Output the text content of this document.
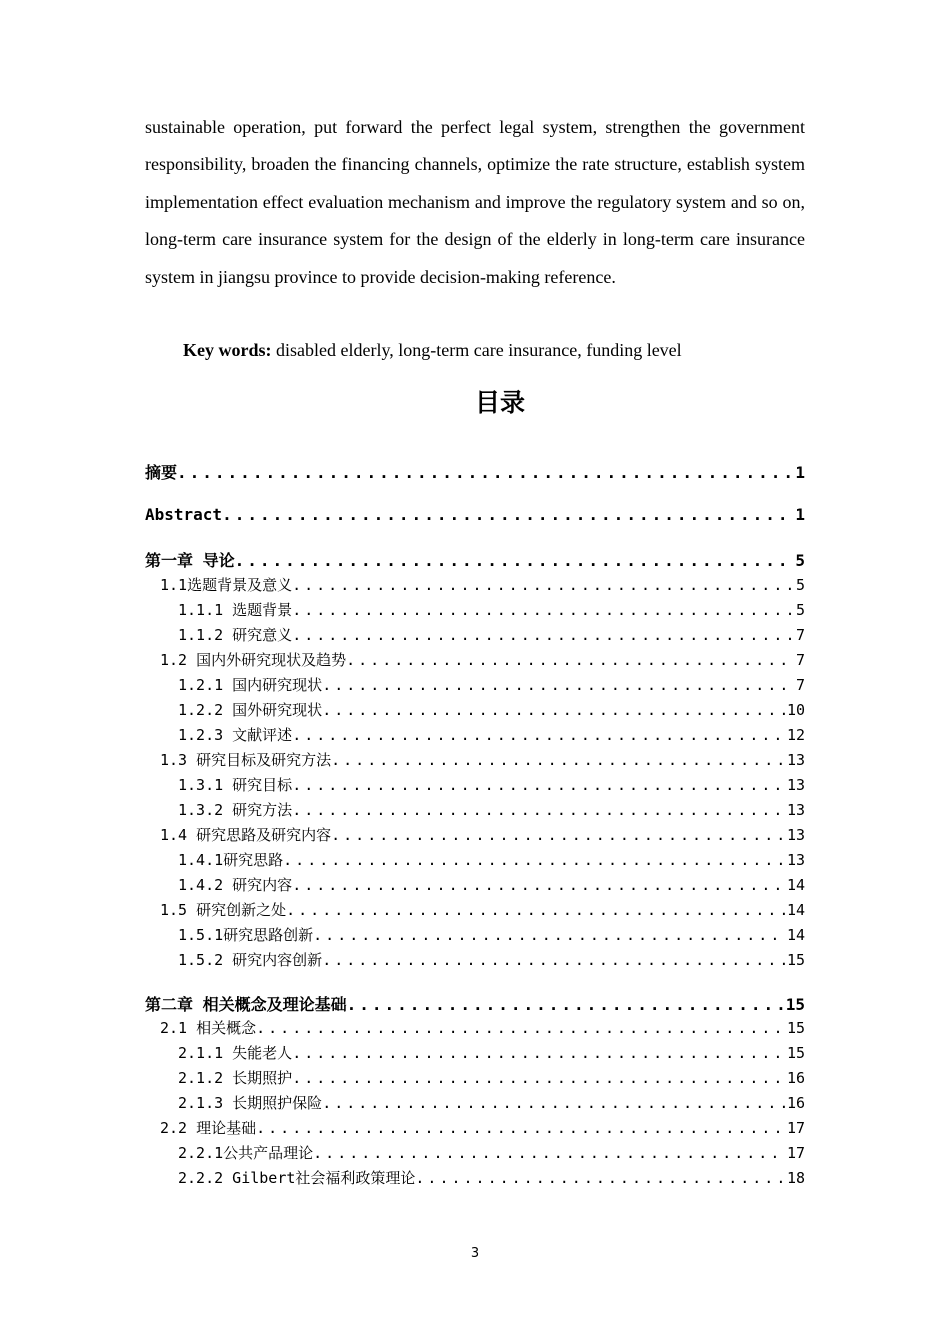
sustainable operation, put forward the perfect legal system, strengthen the government responsibility, broaden the financing channels, optimize the rate structure, establish system implementation effect evaluation mechanism and improve the regulatory system and so on, long-term care insurance system for the design of the elderly in long-term care insurance system in jiangsu province to provide decision-making reference.

Key words: disabled elderly, long-term care insurance, funding level
目录
摘要 .....	1
Abstract .....	1
第一章 导论 .....	5
1.1选题背景及意义 .....	5
1.1.1 选题背景 .....	5
1.1.2 研究意义 .....	7
1.2 国内外研究现状及趋势 .....	7
1.2.1 国内研究现状 .....	7
1.2.2 国外研究现状 .....	10
1.2.3 文献评述 .....	12
1.3 研究目标及研究方法 .....	13
1.3.1 研究目标 .....	13
1.3.2 研究方法 .....	13
1.4 研究思路及研究内容 .....	13
1.4.1研究思路 .....	13
1.4.2 研究内容 .....	14
1.5 研究创新之处 .....	14
1.5.1研究思路创新 .....	14
1.5.2 研究内容创新 .....	15
第二章 相关概念及理论基础 .....	15
2.1 相关概念 .....	15
2.1.1 失能老人 .....	15
2.1.2 长期照护 .....	16
2.1.3 长期照护保险 .....	16
2.2 理论基础 .....	17
2.2.1公共产品理论 .....	17
2.2.2 Gilbert社会福利政策理论 .....	18
3
